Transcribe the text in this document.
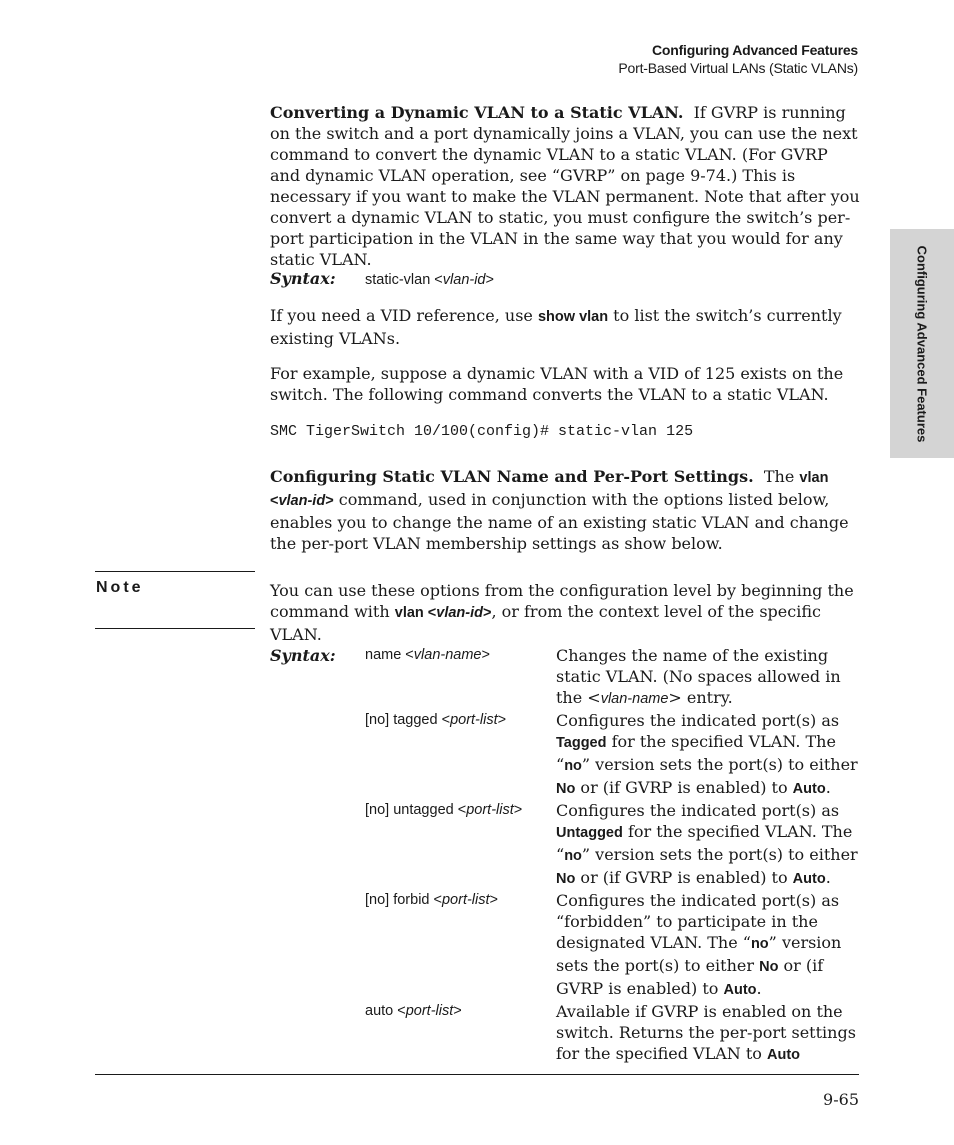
Configuring Advanced Features
Port-Based Virtual LANs (Static VLANs)
Configuring Advanced Features

Converting a Dynamic VLAN to a Static VLAN. If GVRP is running on the switch and a port dynamically joins a VLAN, you can use the next command to convert the dynamic VLAN to a static VLAN. (For GVRP and dynamic VLAN operation, see “GVRP” on page 9-74.) This is necessary if you want to make the VLAN permanent. Note that after you convert a dynamic VLAN to static, you must configure the switch’s per-port participation in the VLAN in the same way that you would for any static VLAN.

Syntax: static-vlan <vlan-id>

If you need a VID reference, use show vlan to list the switch’s currently existing VLANs.

For example, suppose a dynamic VLAN with a VID of 125 exists on the switch. The following command converts the VLAN to a static VLAN.

SMC TigerSwitch 10/100(config)# static-vlan 125

Configuring Static VLAN Name and Per-Port Settings. The vlan <vlan-id> command, used in conjunction with the options listed below, enables you to change the name of an existing static VLAN and change the per-port VLAN membership settings as show below.

Note	You can use these options from the configuration level by beginning the command with vlan <vlan-id>, or from the context level of the specific VLAN.

Syntax:	name <vlan-name>	Changes the name of the existing static VLAN. (No spaces allowed in the <vlan-name> entry.
[no] tagged <port-list>	Configures the indicated port(s) as Tagged for the specified VLAN. The “no” version sets the port(s) to either No or (if GVRP is enabled) to Auto.
[no] untagged <port-list>	Configures the indicated port(s) as Untagged for the specified VLAN. The “no” version sets the port(s) to either No or (if GVRP is enabled) to Auto.
[no] forbid <port-list>	Configures the indicated port(s) as “forbidden” to participate in the designated VLAN. The “no” version sets the port(s) to either No or (if GVRP is enabled) to Auto.
auto <port-list>	Available if GVRP is enabled on the switch. Returns the per-port settings for the specified VLAN to Auto
9-65
